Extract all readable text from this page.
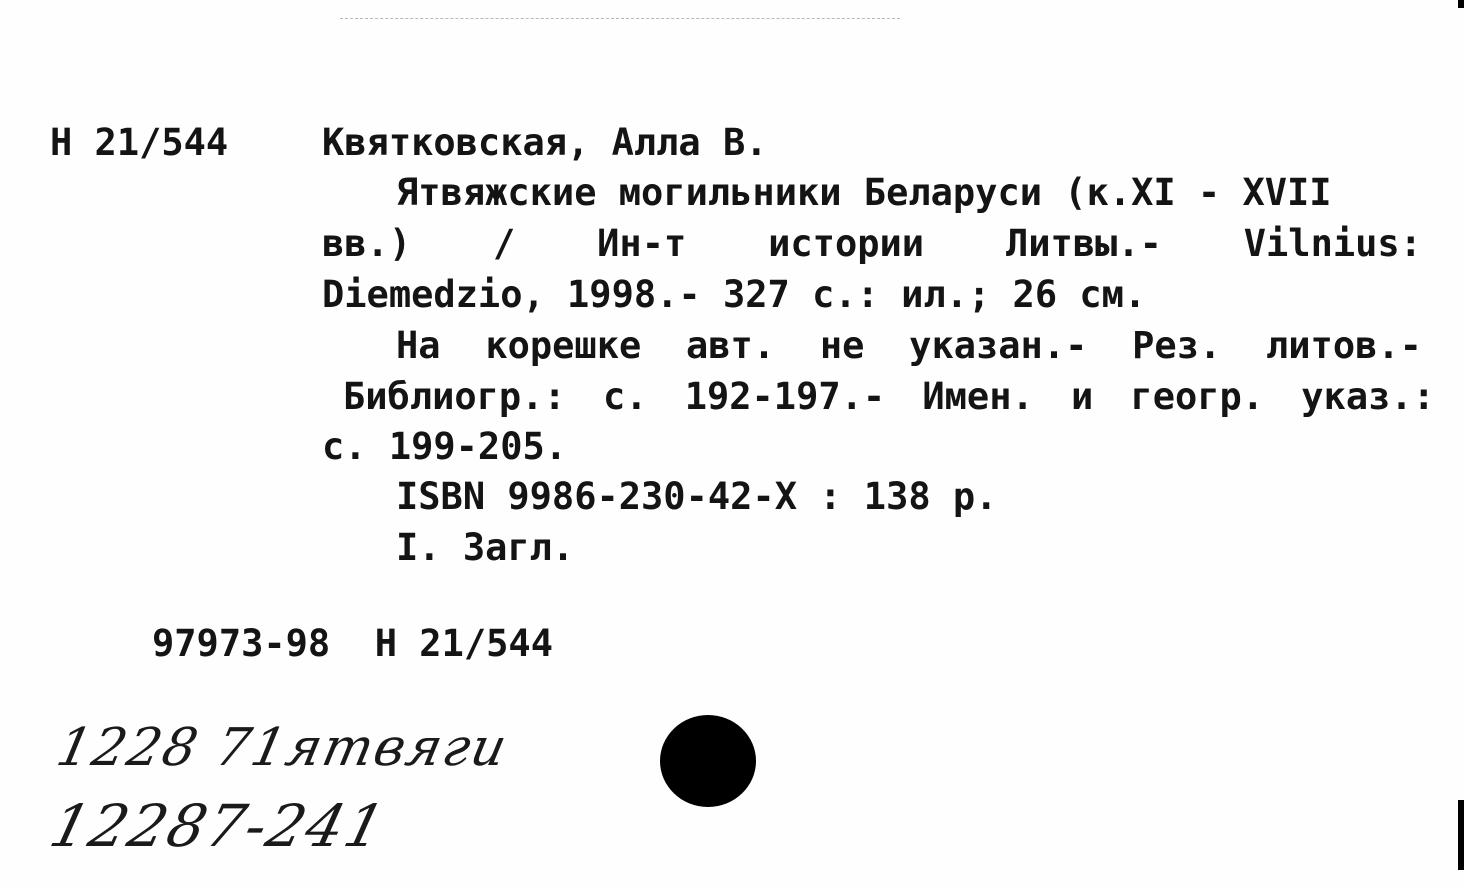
Н 21/544	Квятковская, Алла В.
Ятвяжские могильники Беларуси (к.XI - XVII
вв.) / Ин-т истории Литвы.- Vilnius:
Diemedzio, 1998.- 327 с.: ил.; 26 см.
На корешке авт. не указан.- Рез. литов.-
Библиогр.: с. 192-197.- Имен. и геогр. указ.:
с. 199-205.
ISBN 9986-230-42-X : 138 р.
I. Загл.
97973-98  Н 21/544
1228 71ятвяги
12287-241
